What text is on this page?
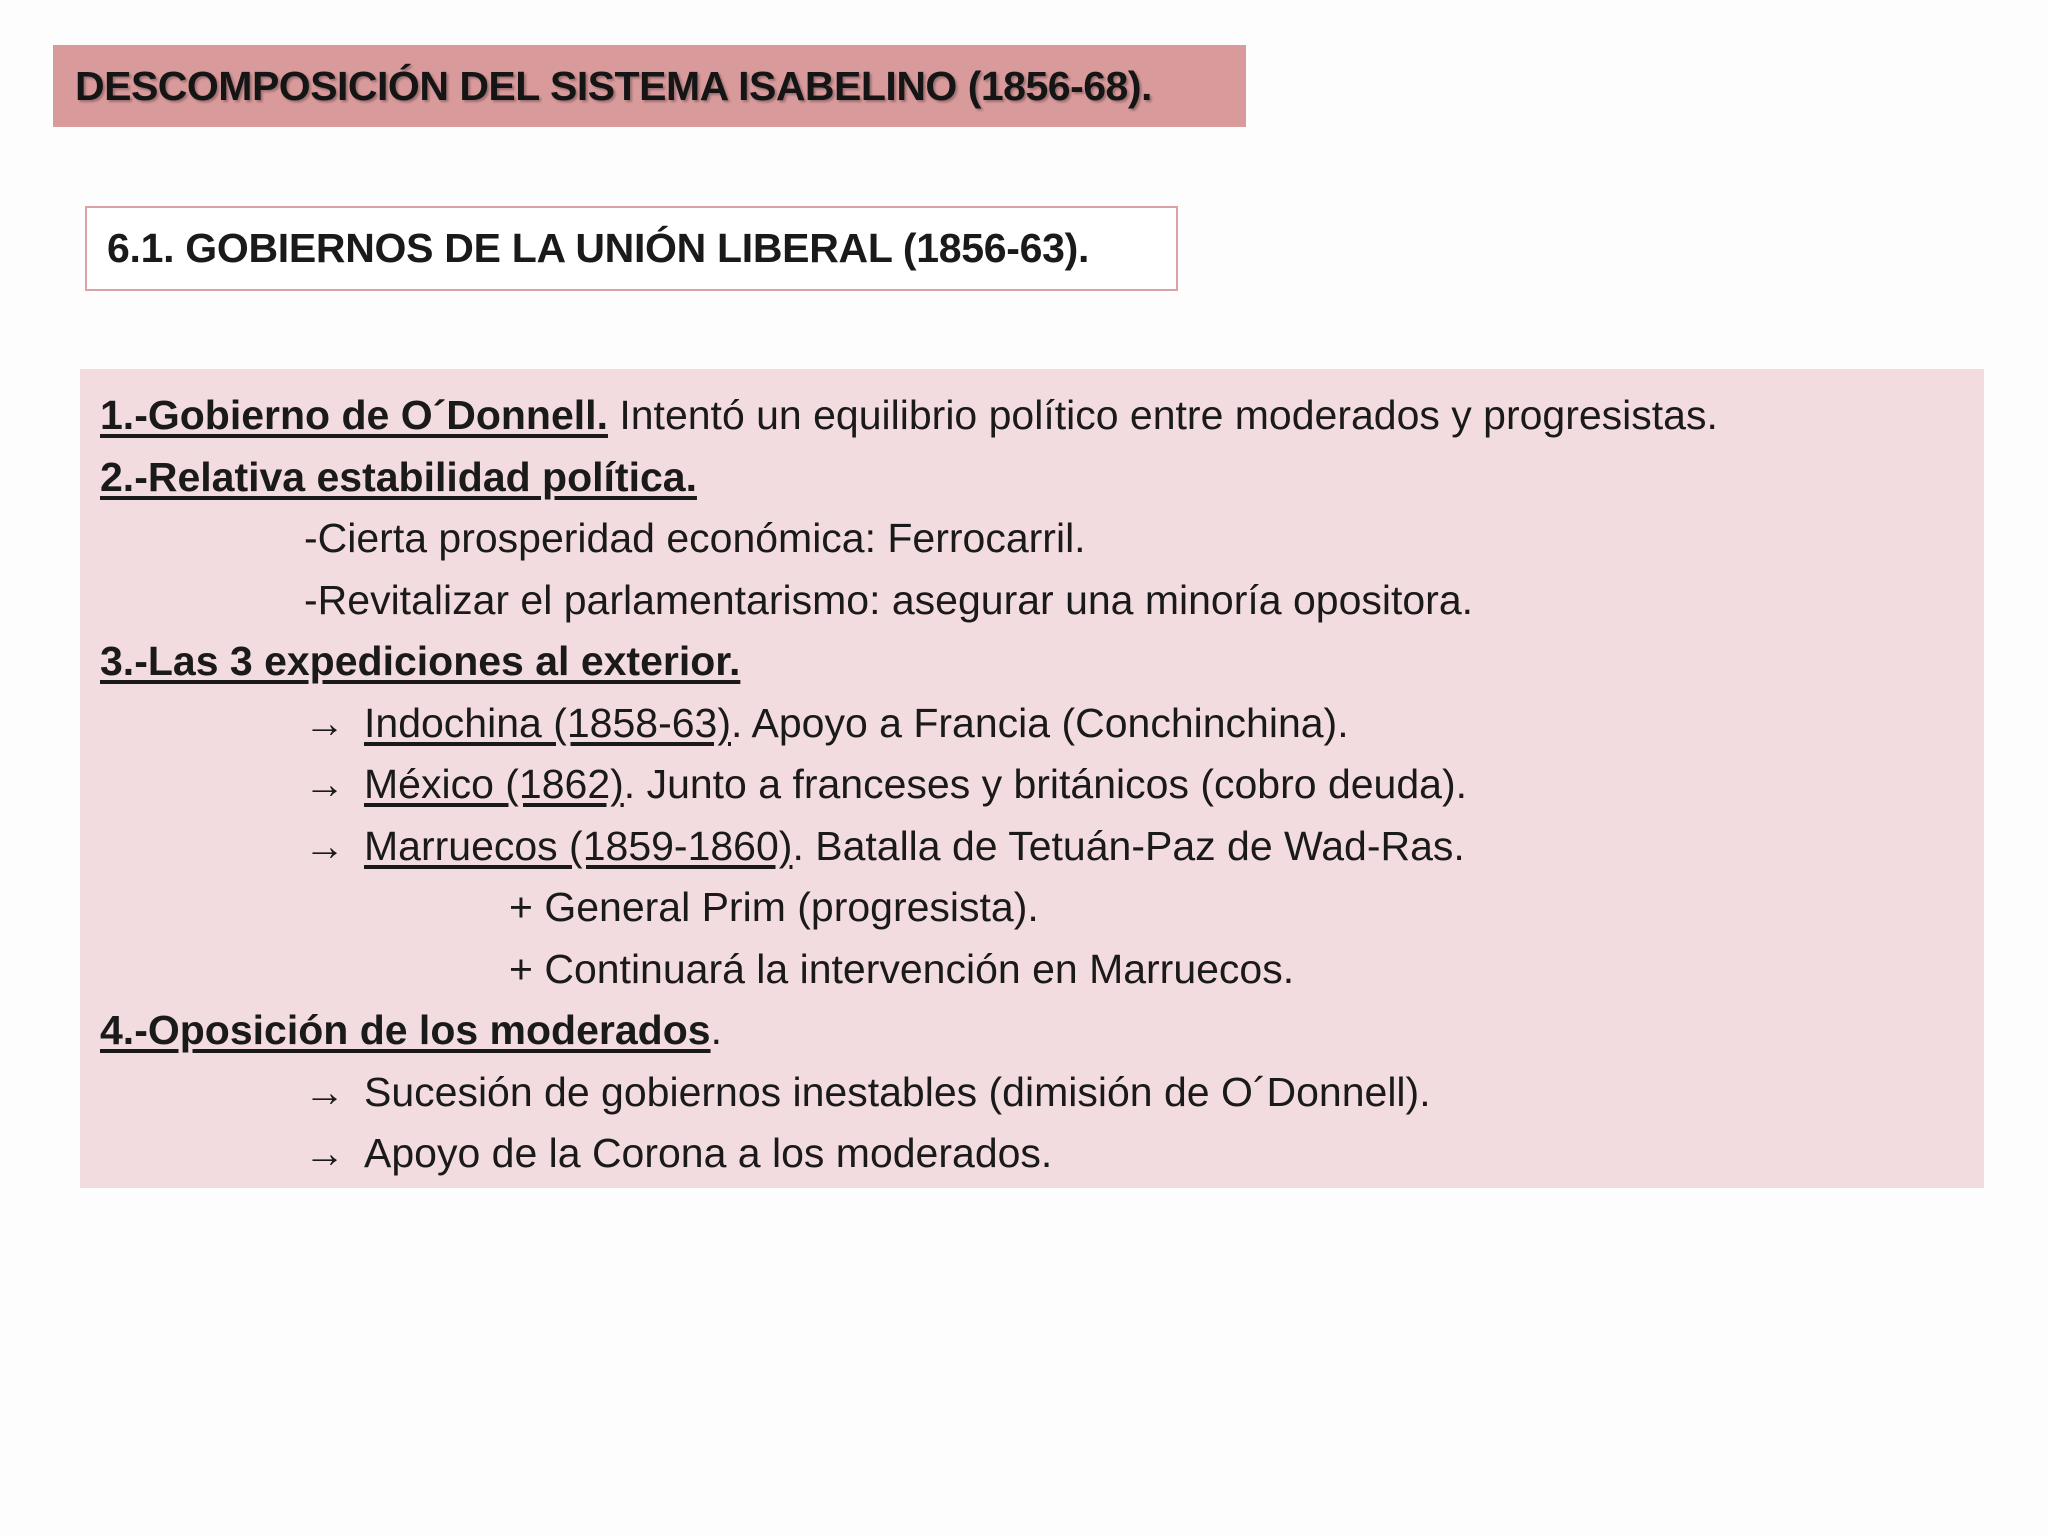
DESCOMPOSICIÓN DEL SISTEMA ISABELINO (1856-68).
6.1. GOBIERNOS DE LA UNIÓN LIBERAL (1856-63).
1.-Gobierno de O´Donnell. Intentó un equilibrio político entre moderados y progresistas.
2.-Relativa estabilidad política.
-Cierta prosperidad económica: Ferrocarril.
-Revitalizar el parlamentarismo: asegurar una minoría opositora.
3.-Las 3 expediciones al exterior.
→ Indochina (1858-63). Apoyo a Francia (Conchinchina).
→ México (1862). Junto a franceses y británicos (cobro deuda).
→ Marruecos (1859-1860). Batalla de Tetuán-Paz de Wad-Ras.
+ General Prim (progresista).
+ Continuará la intervención en Marruecos.
4.-Oposición de los moderados.
→ Sucesión de gobiernos inestables (dimisión de O´Donnell).
→ Apoyo de la Corona a los moderados.
